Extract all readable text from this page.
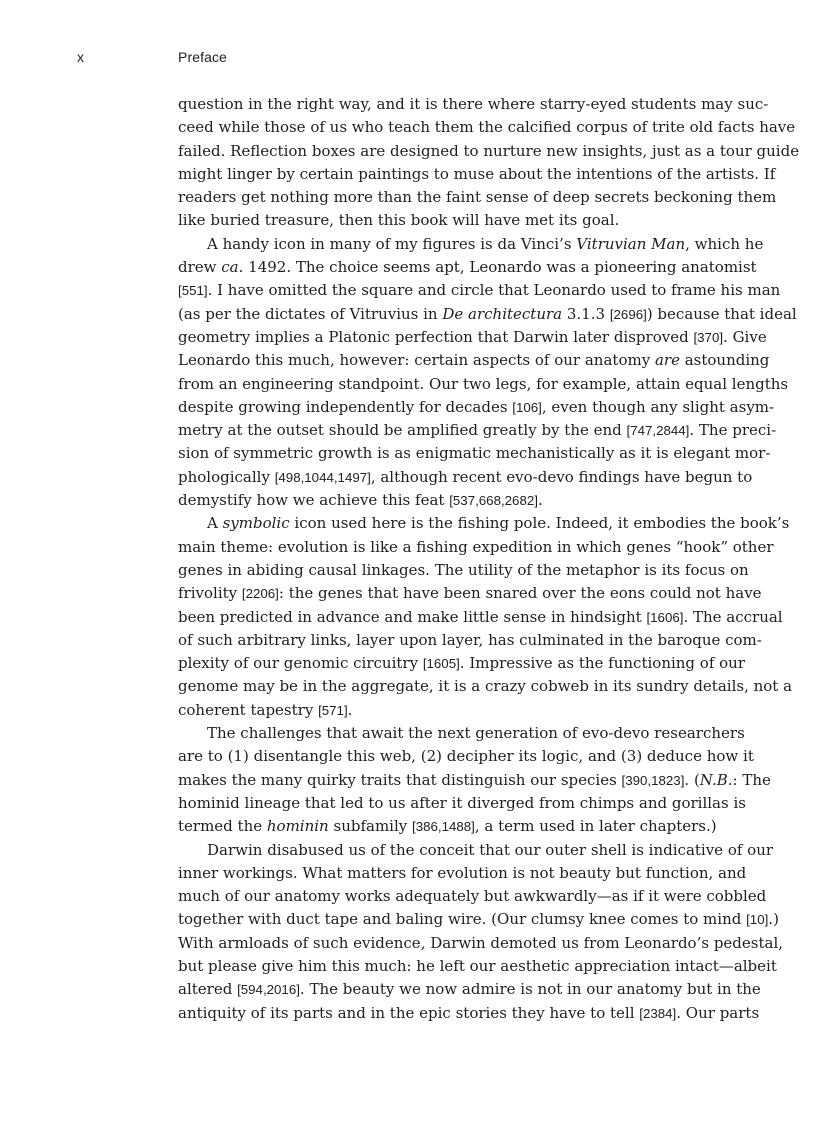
x	Preface
question in the right way, and it is there where starry-eyed students may suc-
ceed while those of us who teach them the calcified corpus of trite old facts have
failed. Reflection boxes are designed to nurture new insights, just as a tour guide
might linger by certain paintings to muse about the intentions of the artists. If
readers get nothing more than the faint sense of deep secrets beckoning them
like buried treasure, then this book will have met its goal.
A handy icon in many of my figures is da Vinci’s Vitruvian Man, which he
drew ca. 1492. The choice seems apt, Leonardo was a pioneering anatomist
[551]. I have omitted the square and circle that Leonardo used to frame his man
(as per the dictates of Vitruvius in De architectura 3.1.3 [2696]) because that ideal
geometry implies a Platonic perfection that Darwin later disproved [370]. Give
Leonardo this much, however: certain aspects of our anatomy are astounding
from an engineering standpoint. Our two legs, for example, attain equal lengths
despite growing independently for decades [106], even though any slight asym-
metry at the outset should be amplified greatly by the end [747,2844]. The preci-
sion of symmetric growth is as enigmatic mechanistically as it is elegant mor-
phologically [498,1044,1497], although recent evo-devo findings have begun to
demystify how we achieve this feat [537,668,2682].
A symbolic icon used here is the fishing pole. Indeed, it embodies the book’s
main theme: evolution is like a fishing expedition in which genes “hook” other
genes in abiding causal linkages. The utility of the metaphor is its focus on
frivolity [2206]: the genes that have been snared over the eons could not have
been predicted in advance and make little sense in hindsight [1606]. The accrual
of such arbitrary links, layer upon layer, has culminated in the baroque com-
plexity of our genomic circuitry [1605]. Impressive as the functioning of our
genome may be in the aggregate, it is a crazy cobweb in its sundry details, not a
coherent tapestry [571].
The challenges that await the next generation of evo-devo researchers
are to (1) disentangle this web, (2) decipher its logic, and (3) deduce how it
makes the many quirky traits that distinguish our species [390,1823]. (N.B.: The
hominid lineage that led to us after it diverged from chimps and gorillas is
termed the hominin subfamily [386,1488], a term used in later chapters.)
Darwin disabused us of the conceit that our outer shell is indicative of our
inner workings. What matters for evolution is not beauty but function, and
much of our anatomy works adequately but awkwardly—as if it were cobbled
together with duct tape and baling wire. (Our clumsy knee comes to mind [10].)
With armloads of such evidence, Darwin demoted us from Leonardo’s pedestal,
but please give him this much: he left our aesthetic appreciation intact—albeit
altered [594,2016]. The beauty we now admire is not in our anatomy but in the
antiquity of its parts and in the epic stories they have to tell [2384]. Our parts
